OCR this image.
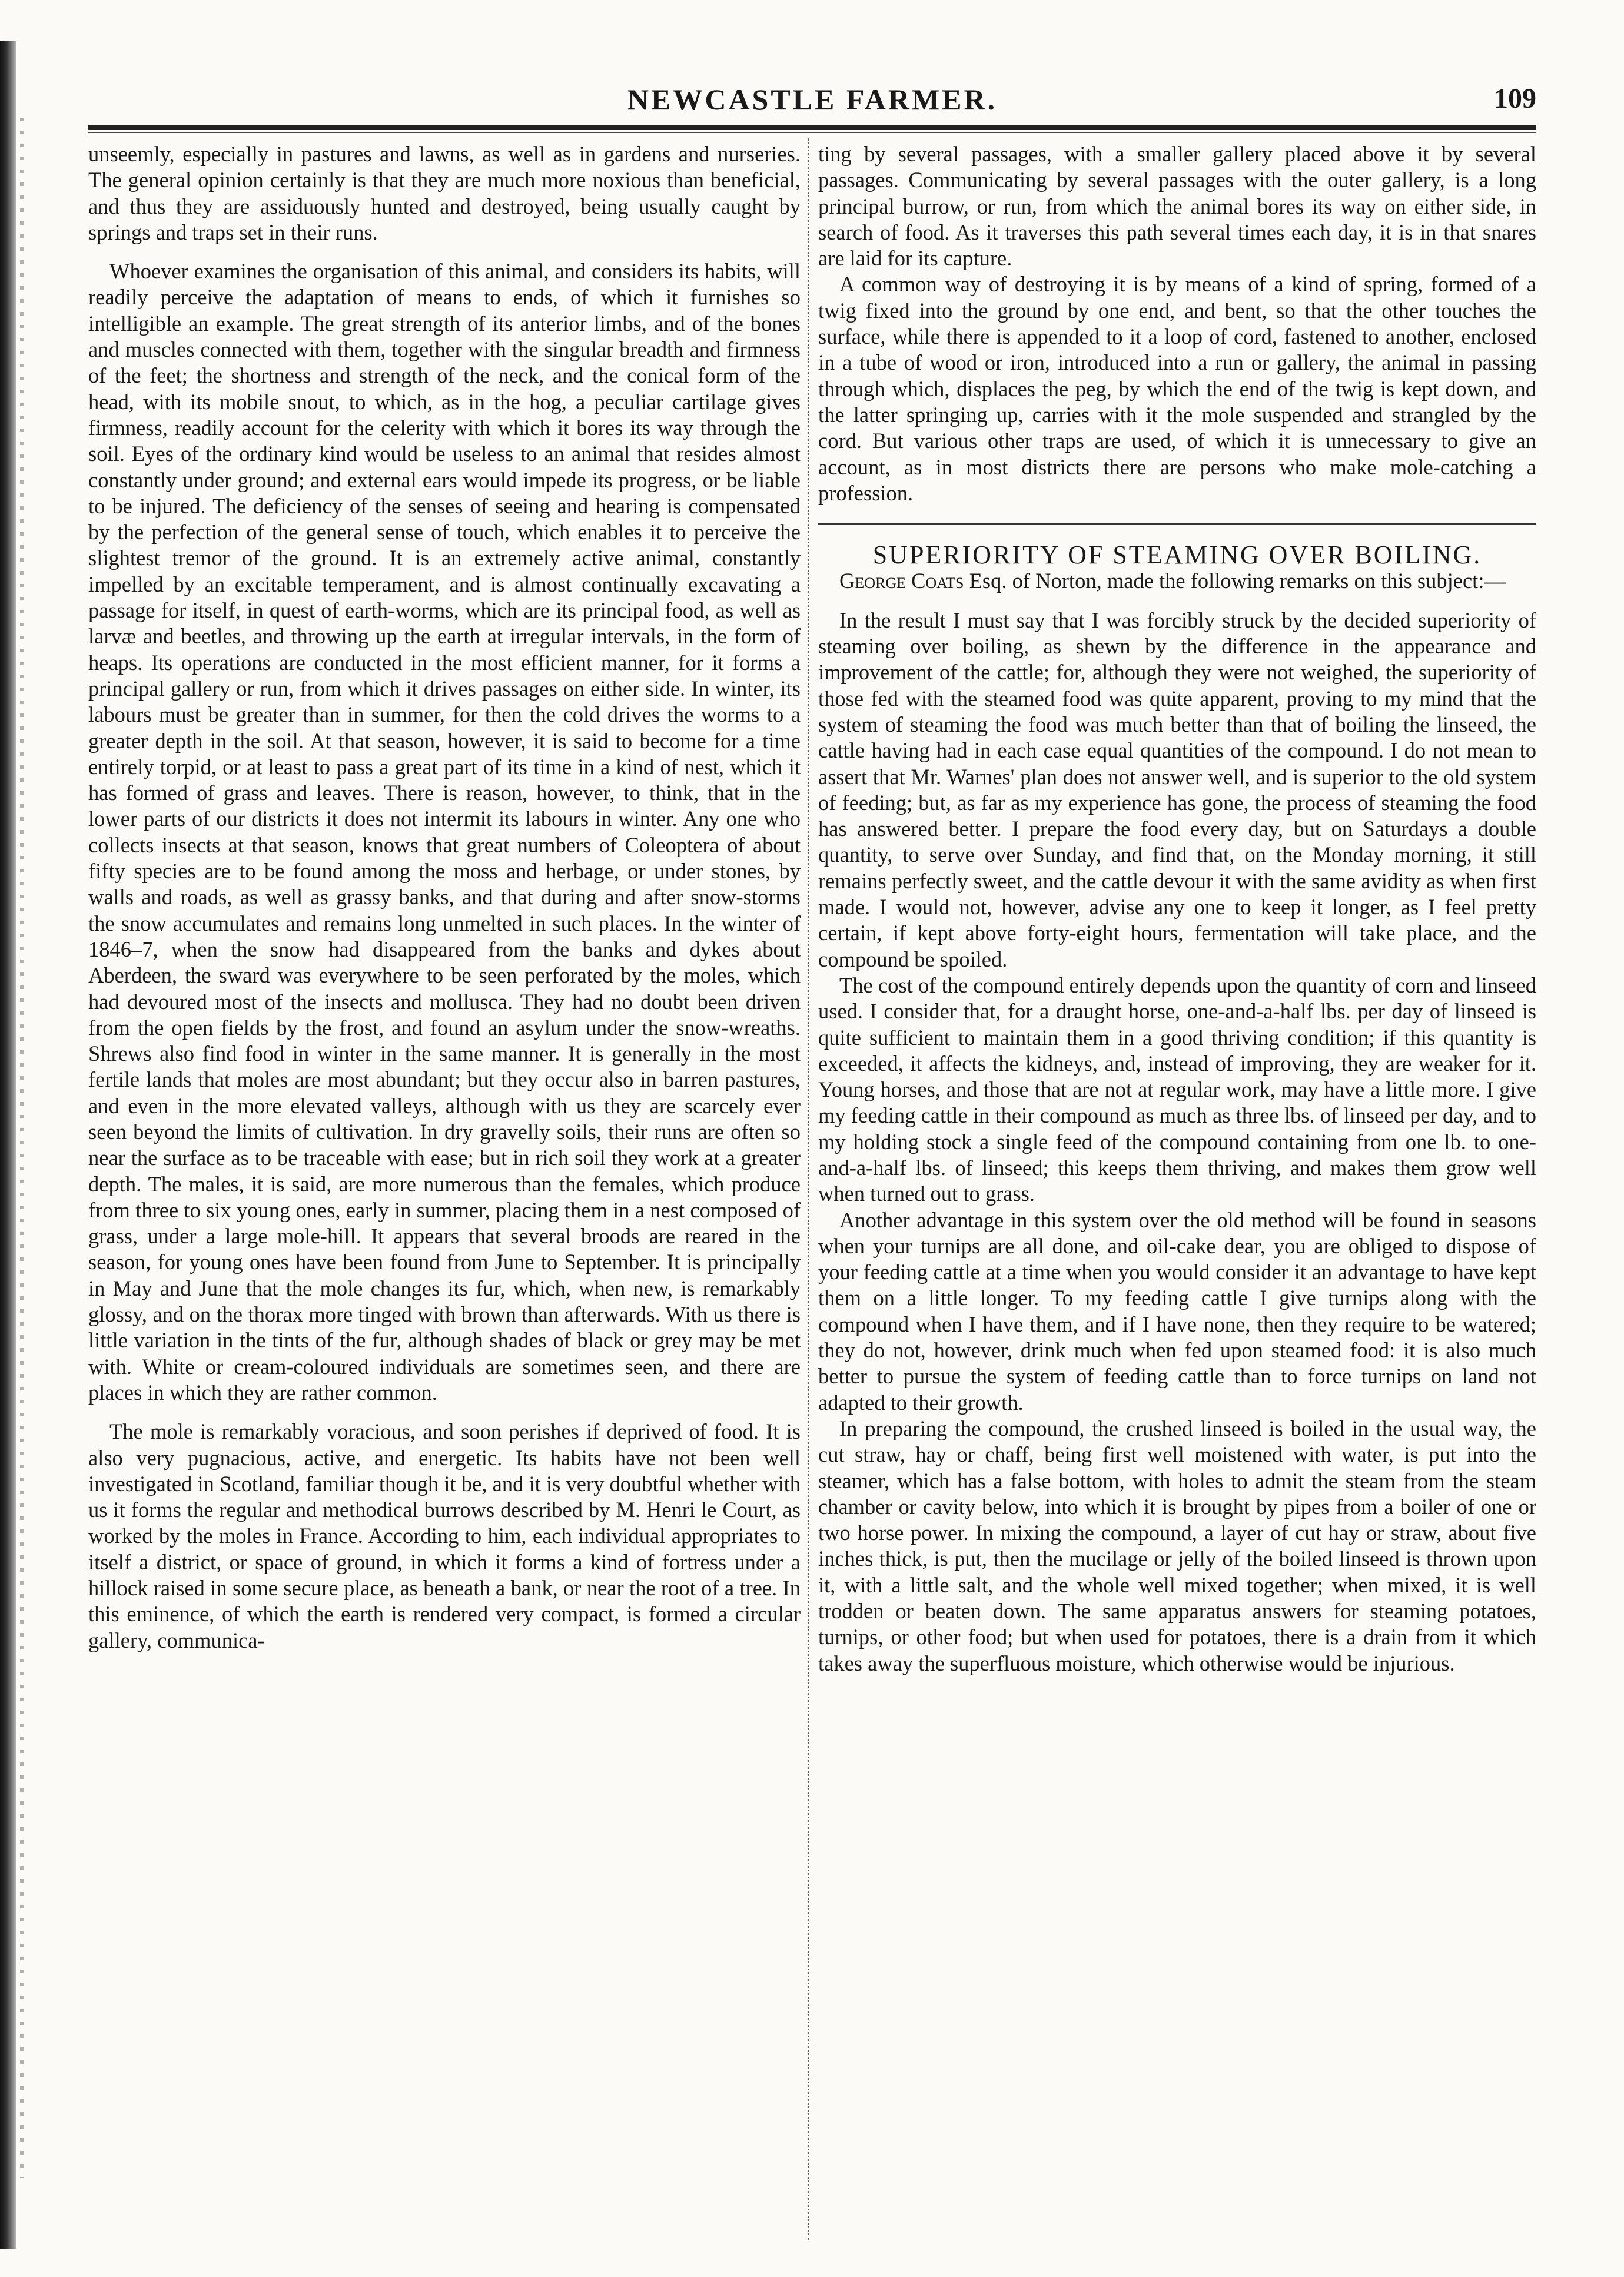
NEWCASTLE FARMER.	109

unseemly, especially in pastures and lawns, as well as in gardens and nurseries. The general opinion certainly is that they are much more noxious than beneficial, and thus they are assiduously hunted and destroyed, being usually caught by springs and traps set in their runs.

Whoever examines the organisation of this animal, and considers its habits, will readily perceive the adaptation of means to ends, of which it furnishes so intelligible an example. The great strength of its anterior limbs, and of the bones and muscles connected with them, together with the singular breadth and firmness of the feet; the shortness and strength of the neck, and the conical form of the head, with its mobile snout, to which, as in the hog, a peculiar cartilage gives firmness, readily account for the celerity with which it bores its way through the soil. Eyes of the ordinary kind would be useless to an animal that resides almost constantly under ground; and external ears would impede its progress, or be liable to be injured. The deficiency of the senses of seeing and hearing is compensated by the perfection of the general sense of touch, which enables it to perceive the slightest tremor of the ground. It is an extremely active animal, constantly impelled by an excitable temperament, and is almost continually excavating a passage for itself, in quest of earth-worms, which are its principal food, as well as larvæ and beetles, and throwing up the earth at irregular intervals, in the form of heaps. Its operations are conducted in the most efficient manner, for it forms a principal gallery or run, from which it drives passages on either side. In winter, its labours must be greater than in summer, for then the cold drives the worms to a greater depth in the soil. At that season, however, it is said to become for a time entirely torpid, or at least to pass a great part of its time in a kind of nest, which it has formed of grass and leaves. There is reason, however, to think, that in the lower parts of our districts it does not intermit its labours in winter. Any one who collects insects at that season, knows that great numbers of Coleoptera of about fifty species are to be found among the moss and herbage, or under stones, by walls and roads, as well as grassy banks, and that during and after snow-storms the snow accumulates and remains long unmelted in such places. In the winter of 1846–7, when the snow had disappeared from the banks and dykes about Aberdeen, the sward was everywhere to be seen perforated by the moles, which had devoured most of the insects and mollusca. They had no doubt been driven from the open fields by the frost, and found an asylum under the snow-wreaths. Shrews also find food in winter in the same manner. It is generally in the most fertile lands that moles are most abundant; but they occur also in barren pastures, and even in the more elevated valleys, although with us they are scarcely ever seen beyond the limits of cultivation. In dry gravelly soils, their runs are often so near the surface as to be traceable with ease; but in rich soil they work at a greater depth. The males, it is said, are more numerous than the females, which produce from three to six young ones, early in summer, placing them in a nest composed of grass, under a large mole-hill. It appears that several broods are reared in the season, for young ones have been found from June to September. It is principally in May and June that the mole changes its fur, which, when new, is remarkably glossy, and on the thorax more tinged with brown than afterwards. With us there is little variation in the tints of the fur, although shades of black or grey may be met with. White or cream-coloured individuals are sometimes seen, and there are places in which they are rather common.

The mole is remarkably voracious, and soon perishes if deprived of food. It is also very pugnacious, active, and energetic. Its habits have not been well investigated in Scotland, familiar though it be, and it is very doubtful whether with us it forms the regular and methodical burrows described by M. Henri le Court, as worked by the moles in France. According to him, each individual appropriates to itself a district, or space of ground, in which it forms a kind of fortress under a hillock raised in some secure place, as beneath a bank, or near the root of a tree. In this eminence, of which the earth is rendered very compact, is formed a circular gallery, communica-

ting by several passages, with a smaller gallery placed above it by several passages. Communicating by several passages with the outer gallery, is a long principal burrow, or run, from which the animal bores its way on either side, in search of food. As it traverses this path several times each day, it is in that snares are laid for its capture.

A common way of destroying it is by means of a kind of spring, formed of a twig fixed into the ground by one end, and bent, so that the other touches the surface, while there is appended to it a loop of cord, fastened to another, enclosed in a tube of wood or iron, introduced into a run or gallery, the animal in passing through which, displaces the peg, by which the end of the twig is kept down, and the latter springing up, carries with it the mole suspended and strangled by the cord. But various other traps are used, of which it is unnecessary to give an account, as in most districts there are persons who make mole-catching a profession.

SUPERIORITY OF STEAMING OVER BOILING.

George Coats Esq. of Norton, made the following remarks on this subject:—

In the result I must say that I was forcibly struck by the decided superiority of steaming over boiling, as shewn by the difference in the appearance and improvement of the cattle; for, although they were not weighed, the superiority of those fed with the steamed food was quite apparent, proving to my mind that the system of steaming the food was much better than that of boiling the linseed, the cattle having had in each case equal quantities of the compound. I do not mean to assert that Mr. Warnes' plan does not answer well, and is superior to the old system of feeding; but, as far as my experience has gone, the process of steaming the food has answered better. I prepare the food every day, but on Saturdays a double quantity, to serve over Sunday, and find that, on the Monday morning, it still remains perfectly sweet, and the cattle devour it with the same avidity as when first made. I would not, however, advise any one to keep it longer, as I feel pretty certain, if kept above forty-eight hours, fermentation will take place, and the compound be spoiled.

The cost of the compound entirely depends upon the quantity of corn and linseed used. I consider that, for a draught horse, one-and-a-half lbs. per day of linseed is quite sufficient to maintain them in a good thriving condition; if this quantity is exceeded, it affects the kidneys, and, instead of improving, they are weaker for it. Young horses, and those that are not at regular work, may have a little more. I give my feeding cattle in their compound as much as three lbs. of linseed per day, and to my holding stock a single feed of the compound containing from one lb. to one-and-a-half lbs. of linseed; this keeps them thriving, and makes them grow well when turned out to grass.

Another advantage in this system over the old method will be found in seasons when your turnips are all done, and oil-cake dear, you are obliged to dispose of your feeding cattle at a time when you would consider it an advantage to have kept them on a little longer. To my feeding cattle I give turnips along with the compound when I have them, and if I have none, then they require to be watered; they do not, however, drink much when fed upon steamed food: it is also much better to pursue the system of feeding cattle than to force turnips on land not adapted to their growth.

In preparing the compound, the crushed linseed is boiled in the usual way, the cut straw, hay or chaff, being first well moistened with water, is put into the steamer, which has a false bottom, with holes to admit the steam from the steam chamber or cavity below, into which it is brought by pipes from a boiler of one or two horse power. In mixing the compound, a layer of cut hay or straw, about five inches thick, is put, then the mucilage or jelly of the boiled linseed is thrown upon it, with a little salt, and the whole well mixed together; when mixed, it is well trodden or beaten down. The same apparatus answers for steaming potatoes, turnips, or other food; but when used for potatoes, there is a drain from it which takes away the superfluous moisture, which otherwise would be injurious.
